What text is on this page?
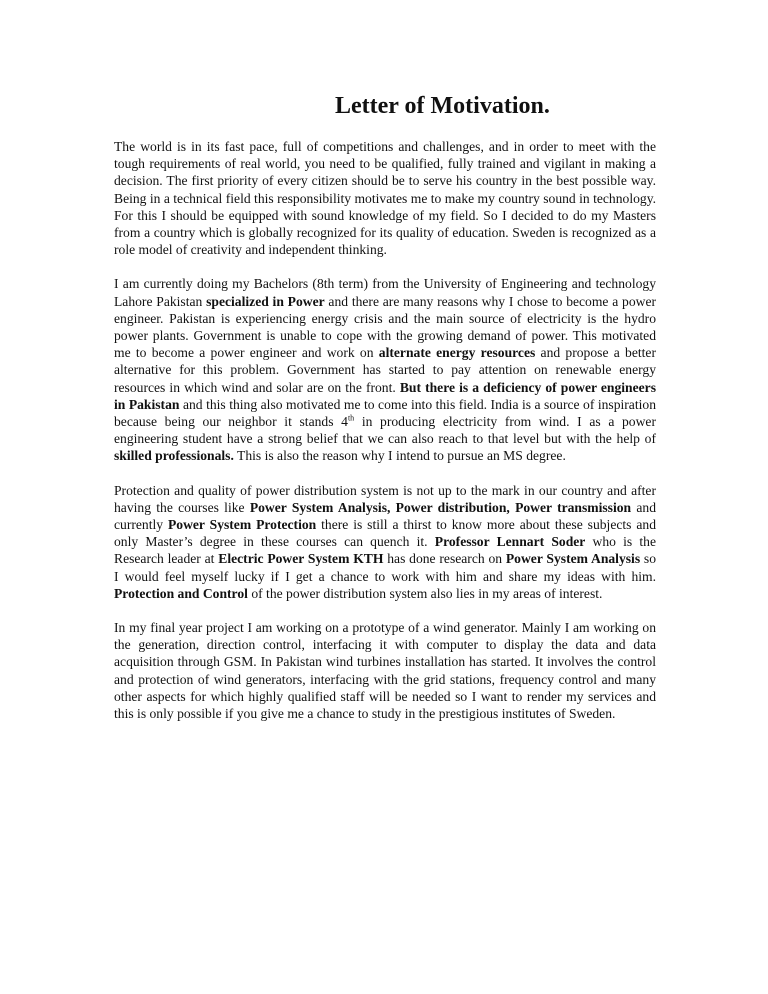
Letter of Motivation.

The world is in its fast pace, full of competitions and challenges, and in order to meet with the tough requirements of real world, you need to be qualified, fully trained and vigilant in making a decision. The first priority of every citizen should be to serve his country in the best possible way. Being in a technical field this responsibility motivates me to make my country sound in technology. For this I should be equipped with sound knowledge of my field. So I decided to do my Masters from a country which is globally recognized for its quality of education. Sweden is recognized as a role model of creativity and independent thinking.

I am currently doing my Bachelors (8th term) from the University of Engineering and technology Lahore Pakistan specialized in Power and there are many reasons why I chose to become a power engineer. Pakistan is experiencing energy crisis and the main source of electricity is the hydro power plants. Government is unable to cope with the growing demand of power. This motivated me to become a power engineer and work on alternate energy resources and propose a better alternative for this problem. Government has started to pay attention on renewable energy resources in which wind and solar are on the front. But there is a deficiency of power engineers in Pakistan and this thing also motivated me to come into this field. India is a source of inspiration because being our neighbor it stands 4th in producing electricity from wind. I as a power engineering student have a strong belief that we can also reach to that level but with the help of skilled professionals. This is also the reason why I intend to pursue an MS degree.

Protection and quality of power distribution system is not up to the mark in our country and after having the courses like Power System Analysis, Power distribution, Power transmission and currently Power System Protection there is still a thirst to know more about these subjects and only Master’s degree in these courses can quench it. Professor Lennart Soder who is the Research leader at Electric Power System KTH has done research on Power System Analysis so I would feel myself lucky if I get a chance to work with him and share my ideas with him. Protection and Control of the power distribution system also lies in my areas of interest.

In my final year project I am working on a prototype of a wind generator. Mainly I am working on the generation, direction control, interfacing it with computer to display the data and data acquisition through GSM. In Pakistan wind turbines installation has started. It involves the control and protection of wind generators, interfacing with the grid stations, frequency control and many other aspects for which highly qualified staff will be needed so I want to render my services and this is only possible if you give me a chance to study in the prestigious institutes of Sweden.
